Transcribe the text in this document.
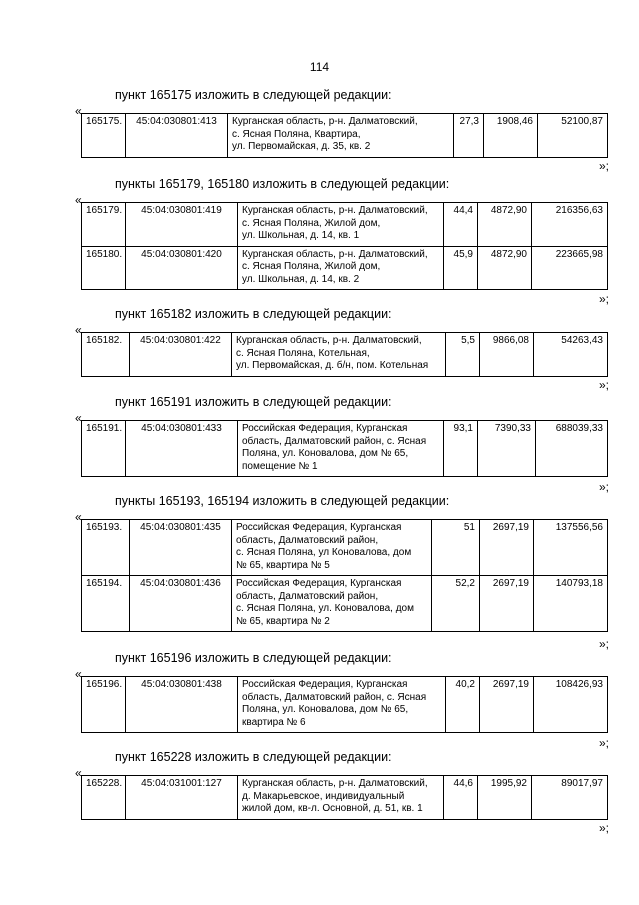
114
пункт 165175 изложить в следующей редакции:
«
165175.	45:04:030801:413	Курганская область, р-н. Далматовский,
с. Ясная Поляна, Квартира,
ул. Первомайская, д. 35, кв. 2
	27,3	1908,46	52100,87
»;
пункты 165179, 165180 изложить в следующей редакции:
«
165179.	45:04:030801:419	Курганская область, р-н. Далматовский,
с. Ясная Поляна, Жилой дом,
ул. Школьная, д. 14, кв. 1	44,4	4872,90	216356,63
165180.	45:04:030801:420	Курганская область, р-н. Далматовский,
с. Ясная Поляна, Жилой дом,
ул. Школьная, д. 14, кв. 2	45,9	4872,90	223665,98
»;
пункт 165182 изложить в следующей редакции:
«
165182.	45:04:030801:422	Курганская область, р-н. Далматовский,
с. Ясная Поляна, Котельная,
ул. Первомайская, д. б/н, пом. Котельная
	5,5	9866,08	54263,43
»;
пункт 165191 изложить в следующей редакции:
«
165191.	45:04:030801:433	Российская Федерация, Курганская
область, Далматовский район, с. Ясная
Поляна, ул. Коновалова, дом № 65,
помещение № 1
	93,1	7390,33	688039,33
»;
пункты 165193, 165194 изложить в следующей редакции:
«
165193.	45:04:030801:435	Российская Федерация, Курганская
область, Далматовский район,
с. Ясная Поляна, ул Коновалова, дом
№ 65, квартира № 5	51	2697,19	137556,56
165194.	45:04:030801:436	Российская Федерация, Курганская
область, Далматовский район,
с. Ясная Поляна, ул. Коновалова, дом
№ 65, квартира № 2	52,2	2697,19	140793,18
»;
пункт 165196 изложить в следующей редакции:
«
165196.	45:04:030801:438	Российская Федерация, Курганская
область, Далматовский район, с. Ясная
Поляна, ул. Коновалова, дом № 65,
квартира № 6
	40,2	2697,19	108426,93
»;
пункт 165228 изложить в следующей редакции:
«
165228.	45:04:031001:127	Курганская область, р-н. Далматовский,
д. Макарьевское, индивидуальный
жилой дом, кв-л. Основной, д. 51, кв. 1
	44,6	1995,92	89017,97
»;
